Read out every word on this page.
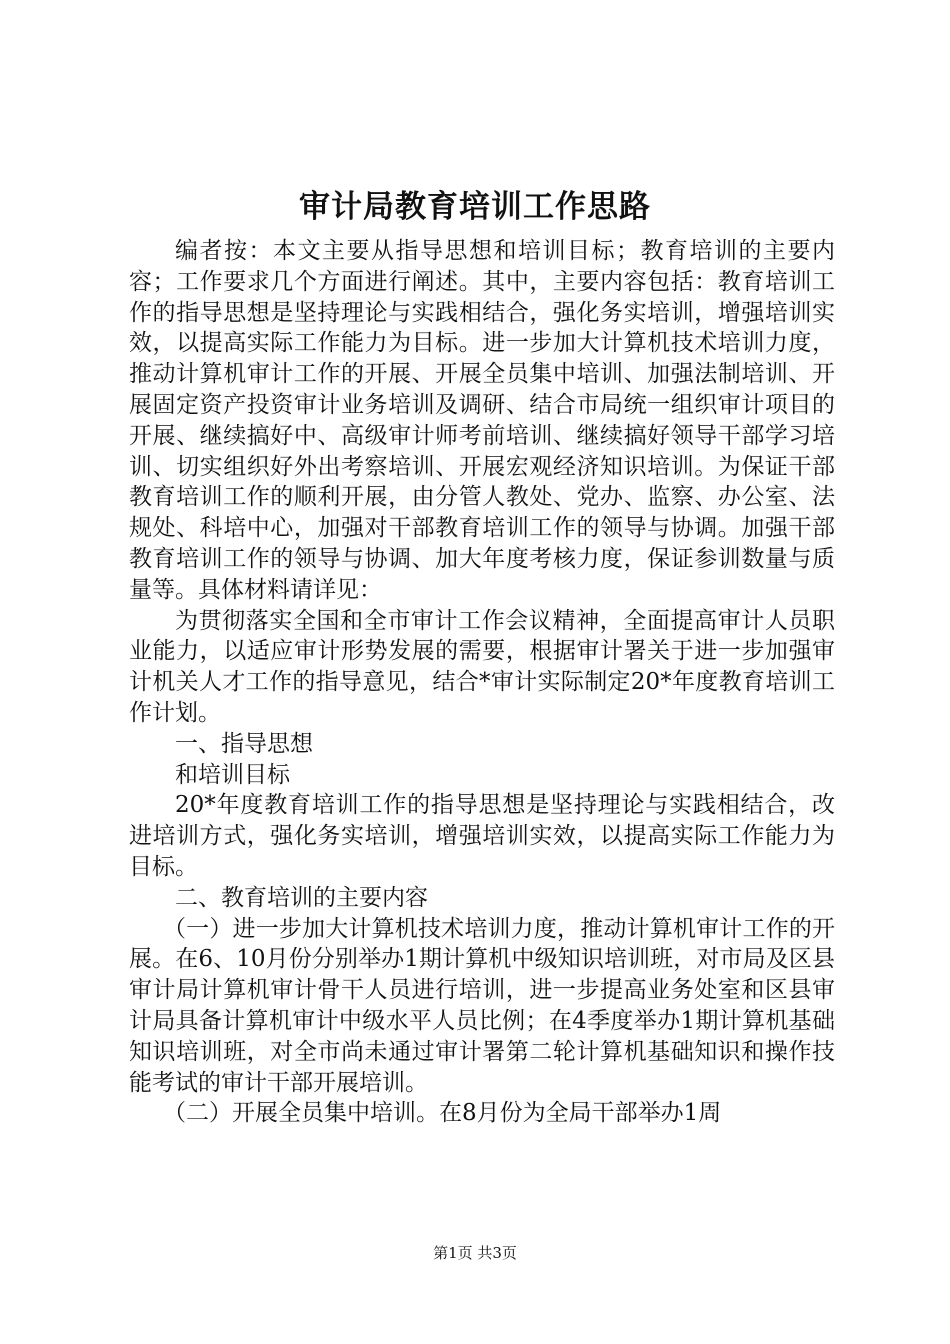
审计局教育培训工作思路

编者按：本文主要从指导思想和培训目标；教育培训的主要内容；工作要求几个方面进行阐述。其中，主要内容包括：教育培训工作的指导思想是坚持理论与实践相结合，强化务实培训，增强培训实效，以提高实际工作能力为目标。进一步加大计算机技术培训力度，推动计算机审计工作的开展、开展全员集中培训、加强法制培训、开展固定资产投资审计业务培训及调研、结合市局统一组织审计项目的开展、继续搞好中、高级审计师考前培训、继续搞好领导干部学习培训、切实组织好外出考察培训、开展宏观经济知识培训。为保证干部教育培训工作的顺利开展，由分管人教处、党办、监察、办公室、法规处、科培中心，加强对干部教育培训工作的领导与协调。加强干部教育培训工作的领导与协调、加大年度考核力度，保证参训数量与质量等。具体材料请详见：

为贯彻落实全国和全市审计工作会议精神，全面提高审计人员职业能力，以适应审计形势发展的需要，根据审计署关于进一步加强审计机关人才工作的指导意见，结合*审计实际制定20*年度教育培训工作计划。

一、指导思想

和培训目标

20*年度教育培训工作的指导思想是坚持理论与实践相结合，改进培训方式，强化务实培训，增强培训实效，以提高实际工作能力为目标。

二、教育培训的主要内容

（一）进一步加大计算机技术培训力度，推动计算机审计工作的开展。在6、10月份分别举办1期计算机中级知识培训班，对市局及区县审计局计算机审计骨干人员进行培训，进一步提高业务处室和区县审计局具备计算机审计中级水平人员比例；在4季度举办1期计算机基础知识培训班，对全市尚未通过审计署第二轮计算机基础知识和操作技能考试的审计干部开展培训。

（二）开展全员集中培训。在8月份为全局干部举办1周

第1页 共3页
